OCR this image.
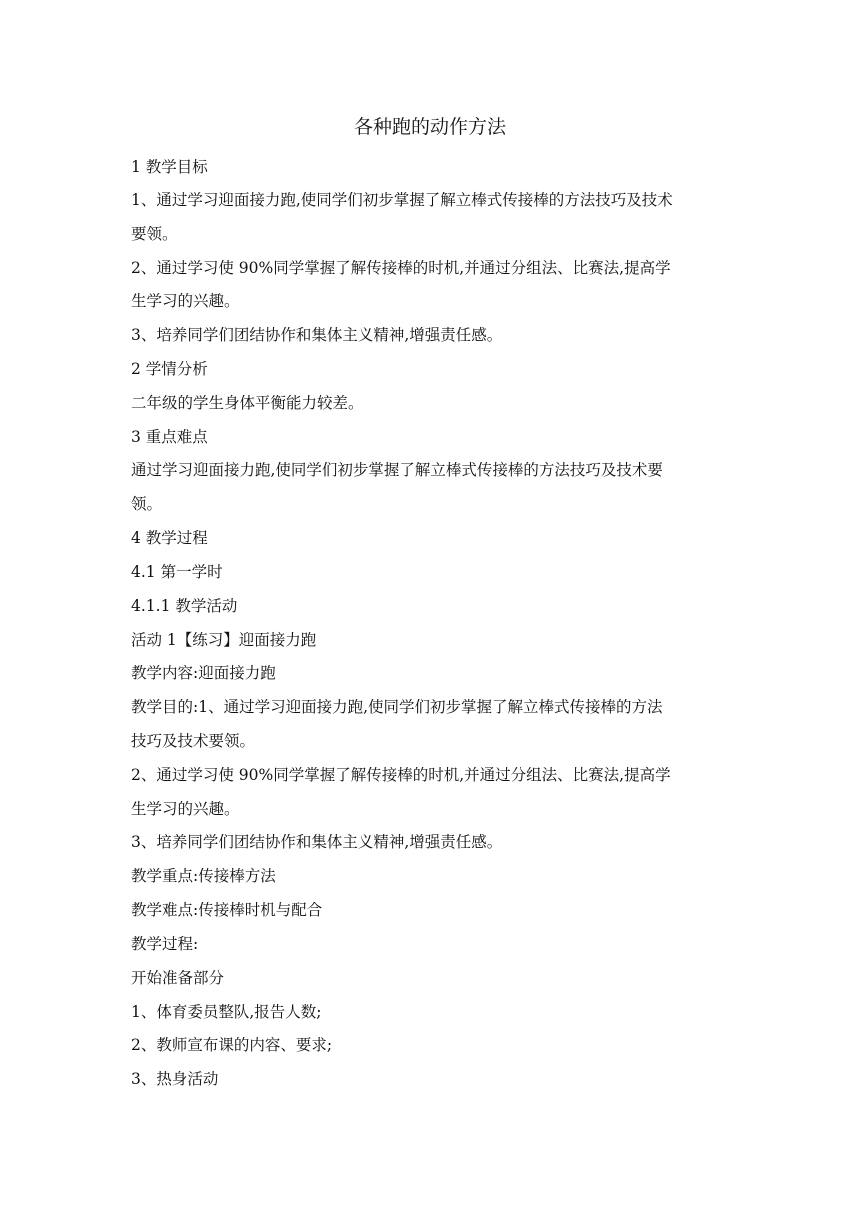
各种跑的动作方法
1 教学目标
1、通过学习迎面接力跑,使同学们初步掌握了解立棒式传接棒的方法技巧及技术
要领。
2、通过学习使 90%同学掌握了解传接棒的时机,并通过分组法、比赛法,提高学
生学习的兴趣。
3、培养同学们团结协作和集体主义精神,增强责任感。
2 学情分析
二年级的学生身体平衡能力较差。
3 重点难点
通过学习迎面接力跑,使同学们初步掌握了解立棒式传接棒的方法技巧及技术要
领。
4 教学过程
4.1 第一学时
4.1.1 教学活动
活动 1【练习】迎面接力跑
教学内容:迎面接力跑
教学目的:1、通过学习迎面接力跑,使同学们初步掌握了解立棒式传接棒的方法
技巧及技术要领。
2、通过学习使 90%同学掌握了解传接棒的时机,并通过分组法、比赛法,提高学
生学习的兴趣。
3、培养同学们团结协作和集体主义精神,增强责任感。
教学重点:传接棒方法
教学难点:传接棒时机与配合
教学过程:
开始准备部分
1、体育委员整队,报告人数;
2、教师宣布课的内容、要求;
3、热身活动
